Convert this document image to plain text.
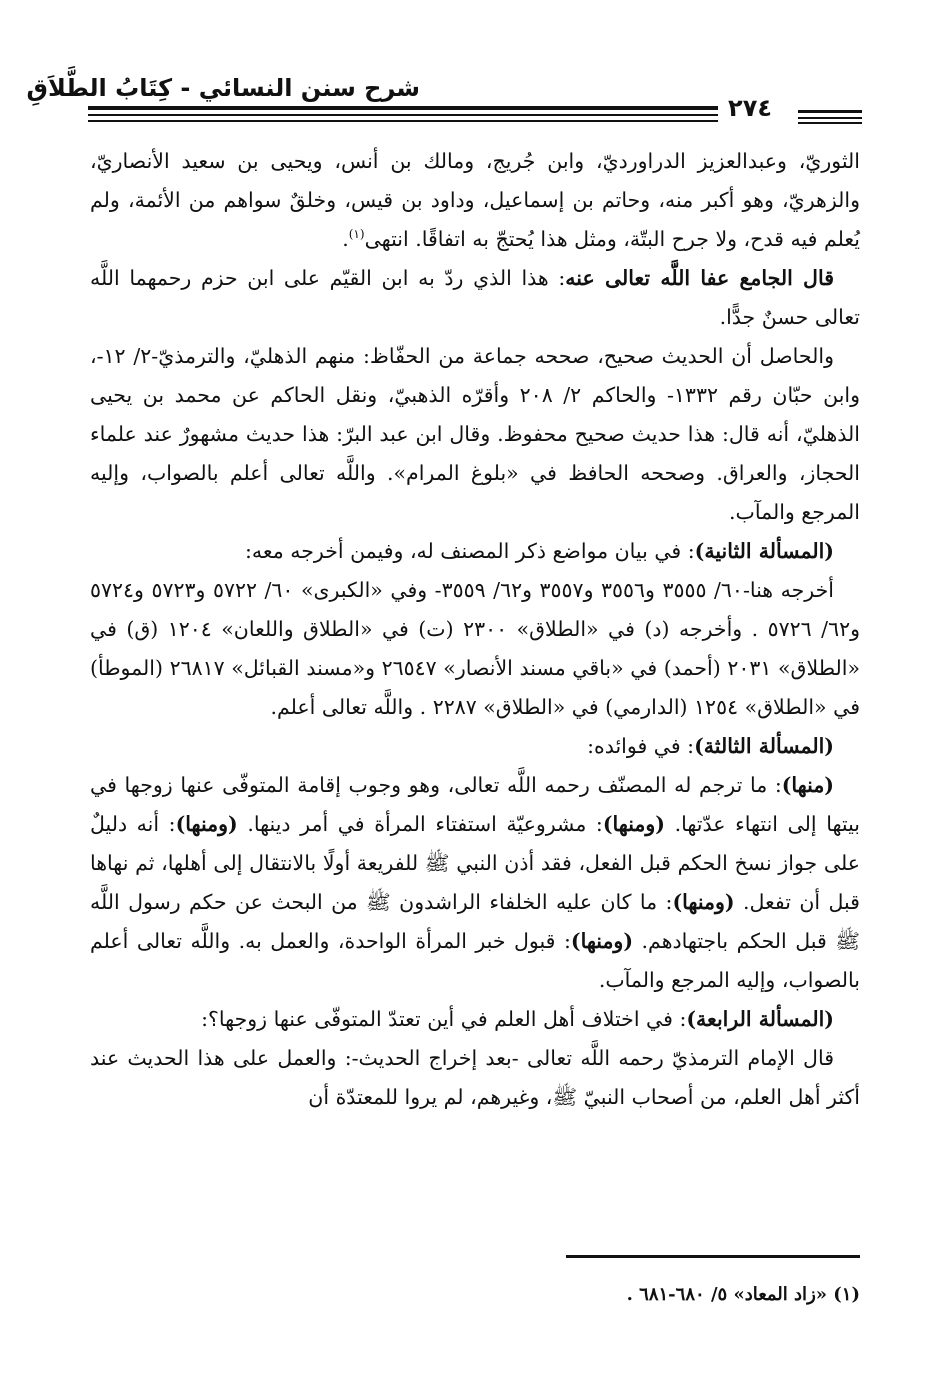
شرح سنن النسائي - كِتَابُ الطَّلاَقِ
٢٧٤

الثوريّ، وعبدالعزيز الدراورديّ، وابن جُريج، ومالك بن أنس، ويحيى بن سعيد الأنصاريّ، والزهريّ، وهو أكبر منه، وحاتم بن إسماعيل، وداود بن قيس، وخلقٌ سواهم من الأئمة، ولم يُعلم فيه قدح، ولا جرح البتّة، ومثل هذا يُحتجّ به اتفاقًا. انتهى$^{(١)}$.

قال الجامع عفا اللَّه تعالى عنه: هذا الذي ردّ به ابن القيّم على ابن حزم رحمهما اللَّه تعالى حسنٌ جدًّا.

والحاصل أن الحديث صحيح، صححه جماعة من الحفّاظ: منهم الذهليّ، والترمذيّ-٢/ ١٢-، وابن حبّان رقم ١٣٣٢- والحاكم ٢/ ٢٠٨ وأقرّه الذهبيّ، ونقل الحاكم عن محمد بن يحيى الذهليّ، أنه قال: هذا حديث صحيح محفوظ. وقال ابن عبد البرّ: هذا حديث مشهورٌ عند علماء الحجاز، والعراق. وصححه الحافظ في «بلوغ المرام». واللَّه تعالى أعلم بالصواب، وإليه المرجع والمآب.

(المسألة الثانية): في بيان مواضع ذكر المصنف له، وفيمن أخرجه معه:

أخرجه هنا-٦٠/ ٣٥٥٥ و٣٥٥٦ و٣٥٥٧ و٦٢/ ٣٥٥٩- وفي «الكبرى» ٦٠/ ٥٧٢٢ و٥٧٢٣ و٥٧٢٤ و٦٢/ ٥٧٢٦ . وأخرجه (د) في «الطلاق» ٢٣٠٠ (ت) في «الطلاق واللعان» ١٢٠٤ (ق) في «الطلاق» ٢٠٣١ (أحمد) في «باقي مسند الأنصار» ٢٦٥٤٧ و«مسند القبائل» ٢٦٨١٧ (الموطأ) في «الطلاق» ١٢٥٤ (الدارمي) في «الطلاق» ٢٢٨٧ . واللَّه تعالى أعلم.

(المسألة الثالثة): في فوائده:

(منها): ما ترجم له المصنّف رحمه اللَّه تعالى، وهو وجوب إقامة المتوفّى عنها زوجها في بيتها إلى انتهاء عدّتها. (ومنها): مشروعيّة استفتاء المرأة في أمر دينها. (ومنها): أنه دليلٌ على جواز نسخ الحكم قبل الفعل، فقد أذن النبي ﷺ للفريعة أولًا بالانتقال إلى أهلها، ثم نهاها قبل أن تفعل. (ومنها): ما كان عليه الخلفاء الراشدون ﷺ من البحث عن حكم رسول اللَّه ﷺ قبل الحكم باجتهادهم. (ومنها): قبول خبر المرأة الواحدة، والعمل به. واللَّه تعالى أعلم بالصواب، وإليه المرجع والمآب.

(المسألة الرابعة): في اختلاف أهل العلم في أين تعتدّ المتوفّى عنها زوجها؟:

قال الإمام الترمذيّ رحمه اللَّه تعالى -بعد إخراج الحديث-: والعمل على هذا الحديث عند أكثر أهل العلم، من أصحاب النبيّ ﷺ، وغيرهم، لم يروا للمعتدّة أن

(١) «زاد المعاد» ٥/ ٦٨٠-٦٨١ .
